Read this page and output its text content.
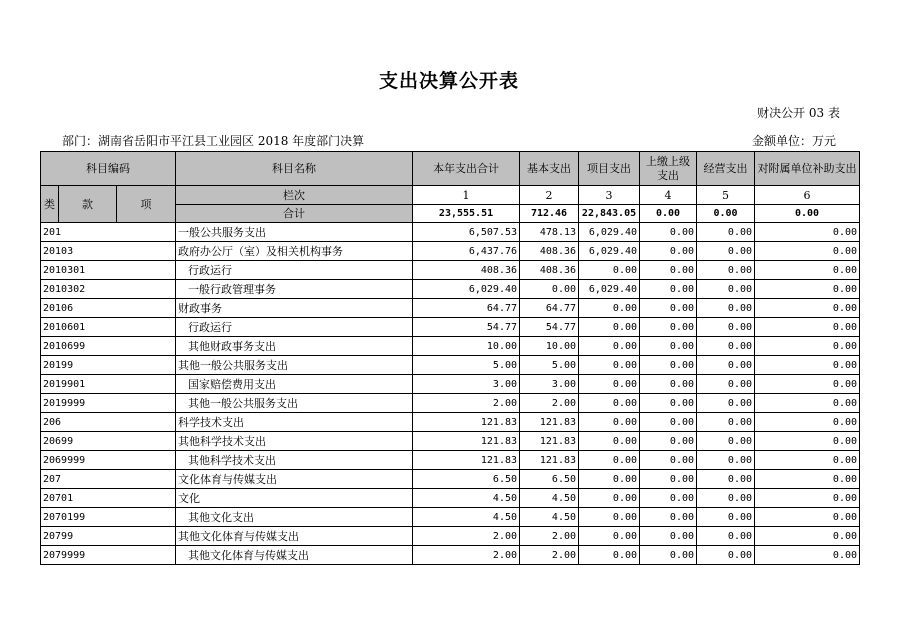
支出决算公开表
财决公开 03 表
部门：湖南省岳阳市平江县工业园区 2018 年度部门决算	金额单位：万元
科目编码			科目名称	本年支出合计	基本支出	项目支出	上缴上级支出	经营支出	对附属单位补助支出
类	款	项	栏次	1	2	3	4	5	6
			合计	23,555.51	712.46	22,843.05	0.00	0.00	0.00
201			一般公共服务支出	6,507.53	478.13	6,029.40	0.00	0.00	0.00
20103			政府办公厅（室）及相关机构事务	6,437.76	408.36	6,029.40	0.00	0.00	0.00
2010301			行政运行	408.36	408.36	0.00	0.00	0.00	0.00
2010302			一般行政管理事务	6,029.40	0.00	6,029.40	0.00	0.00	0.00
20106			财政事务	64.77	64.77	0.00	0.00	0.00	0.00
2010601			行政运行	54.77	54.77	0.00	0.00	0.00	0.00
2010699			其他财政事务支出	10.00	10.00	0.00	0.00	0.00	0.00
20199			其他一般公共服务支出	5.00	5.00	0.00	0.00	0.00	0.00
2019901			国家赔偿费用支出	3.00	3.00	0.00	0.00	0.00	0.00
2019999			其他一般公共服务支出	2.00	2.00	0.00	0.00	0.00	0.00
206			科学技术支出	121.83	121.83	0.00	0.00	0.00	0.00
20699			其他科学技术支出	121.83	121.83	0.00	0.00	0.00	0.00
2069999			其他科学技术支出	121.83	121.83	0.00	0.00	0.00	0.00
207			文化体育与传媒支出	6.50	6.50	0.00	0.00	0.00	0.00
20701			文化	4.50	4.50	0.00	0.00	0.00	0.00
2070199			其他文化支出	4.50	4.50	0.00	0.00	0.00	0.00
20799			其他文化体育与传媒支出	2.00	2.00	0.00	0.00	0.00	0.00
2079999			其他文化体育与传媒支出	2.00	2.00	0.00	0.00	0.00	0.00
